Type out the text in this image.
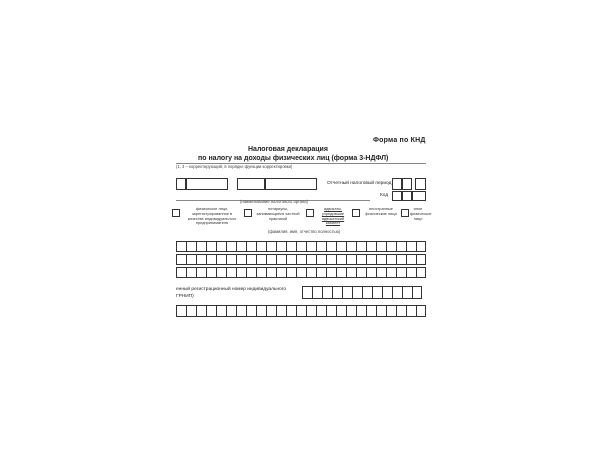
Форма по КНД
Налоговая декларация
по налогу на доходы физических лиц (форма 3-НДФЛ)
(1, 3 – корректирующий, в порядке функции корректировки)
Отчетный налоговый период
Код
(наименование налогового органа)
физическое лицо, зарегистрированное в качестве индивидуального предпринимателя
нотариусы, занимающиеся частной практикой
адвокаты, учредившие адвокатский кабинет
иностранные физические лица
иное физическое лицо
(фамилия, имя, отчество полностью)
енный регистрационный номер индивидуального
ГРНИП)
